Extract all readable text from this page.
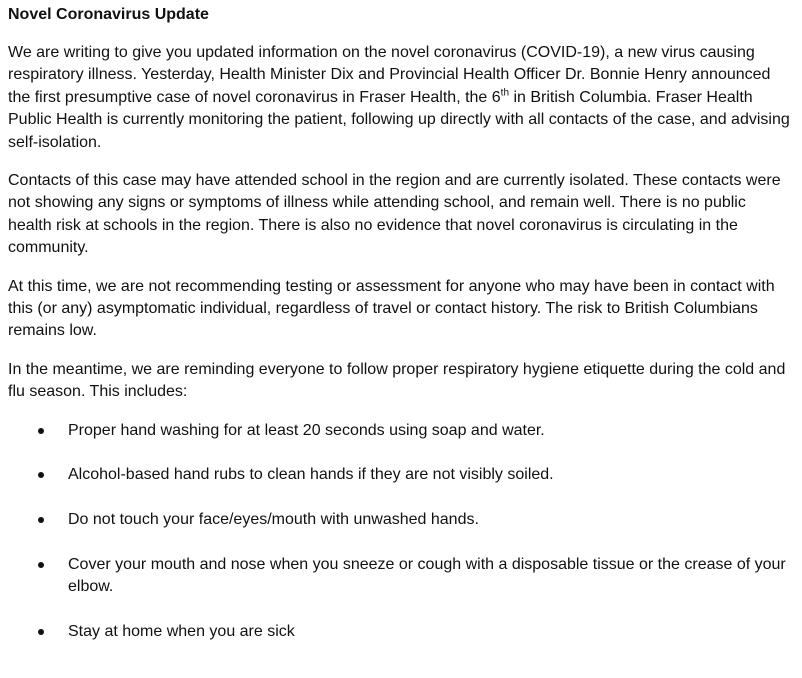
Novel Coronavirus Update

We are writing to give you updated information on the novel coronavirus (COVID-19), a new virus causing respiratory illness. Yesterday, Health Minister Dix and Provincial Health Officer Dr. Bonnie Henry announced the first presumptive case of novel coronavirus in Fraser Health, the 6th in British Columbia. Fraser Health Public Health is currently monitoring the patient, following up directly with all contacts of the case, and advising self-isolation.

Contacts of this case may have attended school in the region and are currently isolated. These contacts were not showing any signs or symptoms of illness while attending school, and remain well. There is no public health risk at schools in the region. There is also no evidence that novel coronavirus is circulating in the community.

At this time, we are not recommending testing or assessment for anyone who may have been in contact with this (or any) asymptomatic individual, regardless of travel or contact history. The risk to British Columbians remains low.

In the meantime, we are reminding everyone to follow proper respiratory hygiene etiquette during the cold and flu season. This includes:

Proper hand washing for at least 20 seconds using soap and water.
Alcohol-based hand rubs to clean hands if they are not visibly soiled.
Do not touch your face/eyes/mouth with unwashed hands.
Cover your mouth and nose when you sneeze or cough with a disposable tissue or the crease of your elbow.
Stay at home when you are sick
